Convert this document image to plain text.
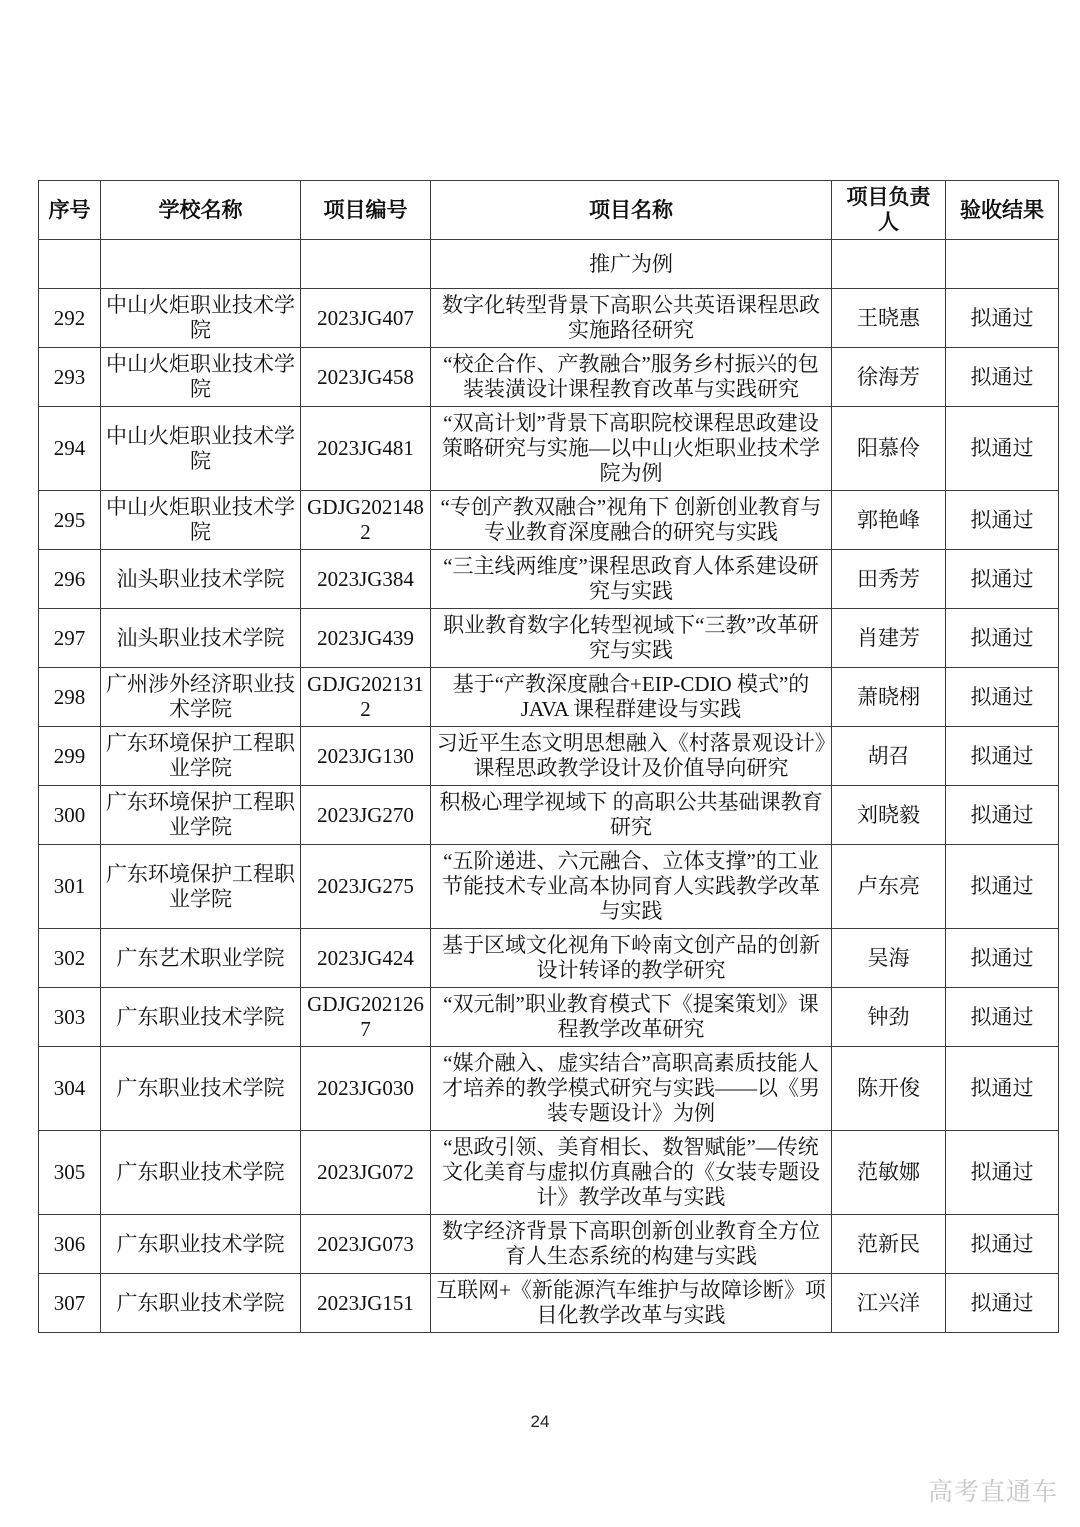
序号	学校名称	项目编号	项目名称	项目负责人	验收结果
			推广为例		
292	中山火炬职业技术学院	2023JG407	数字化转型背景下高职公共英语课程思政实施路径研究	王晓惠	拟通过
293	中山火炬职业技术学院	2023JG458	“校企合作、产教融合”服务乡村振兴的包装装潢设计课程教育改革与实践研究	徐海芳	拟通过
294	中山火炬职业技术学院	2023JG481	“双高计划”背景下高职院校课程思政建设策略研究与实施—以中山火炬职业技术学院为例	阳慕伶	拟通过
295	中山火炬职业技术学院	GDJG2021482	“专创产教双融合”视角下 创新创业教育与专业教育深度融合的研究与实践	郭艳峰	拟通过
296	汕头职业技术学院	2023JG384	“三主线两维度”课程思政育人体系建设研究与实践	田秀芳	拟通过
297	汕头职业技术学院	2023JG439	职业教育数字化转型视域下“三教”改革研究与实践	肖建芳	拟通过
298	广州涉外经济职业技术学院	GDJG2021312	基于“产教深度融合+EIP-CDIO 模式”的 JAVA 课程群建设与实践	萧晓栩	拟通过
299	广东环境保护工程职业学院	2023JG130	习近平生态文明思想融入《村落景观设计》课程思政教学设计及价值导向研究	胡召	拟通过
300	广东环境保护工程职业学院	2023JG270	积极心理学视域下 的高职公共基础课教育研究	刘晓毅	拟通过
301	广东环境保护工程职业学院	2023JG275	“五阶递进、六元融合、立体支撑”的工业节能技术专业高本协同育人实践教学改革与实践	卢东亮	拟通过
302	广东艺术职业学院	2023JG424	基于区域文化视角下岭南文创产品的创新设计转译的教学研究	吴海	拟通过
303	广东职业技术学院	GDJG2021267	“双元制”职业教育模式下《提案策划》课程教学改革研究	钟劲	拟通过
304	广东职业技术学院	2023JG030	“媒介融入、虚实结合”高职高素质技能人才培养的教学模式研究与实践——以《男装专题设计》为例	陈开俊	拟通过
305	广东职业技术学院	2023JG072	“思政引领、美育相长、数智赋能”—传统文化美育与虚拟仿真融合的《女装专题设计》教学改革与实践	范敏娜	拟通过
306	广东职业技术学院	2023JG073	数字经济背景下高职创新创业教育全方位育人生态系统的构建与实践	范新民	拟通过
307	广东职业技术学院	2023JG151	互联网+《新能源汽车维护与故障诊断》项目化教学改革与实践	江兴洋	拟通过
24
高考直通车
